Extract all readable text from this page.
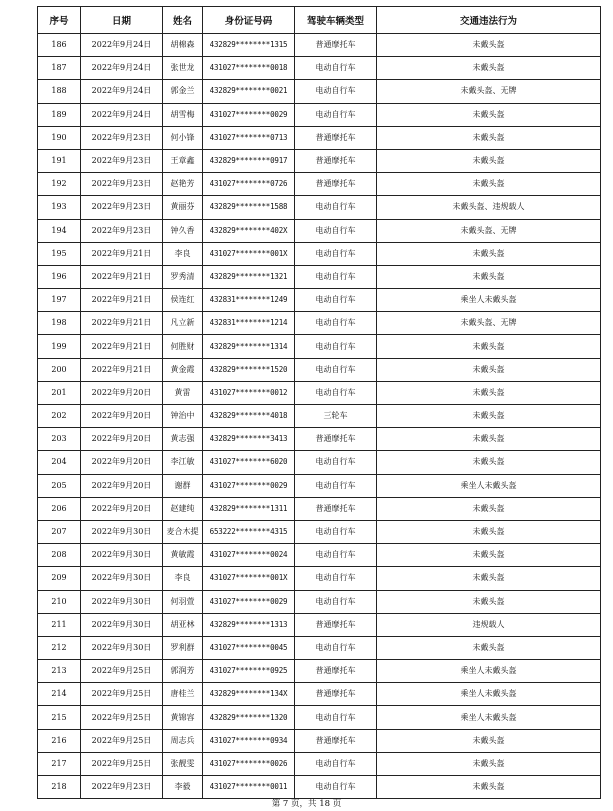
序号	日期	姓名	身份证号码	驾驶车辆类型	交通违法行为
186	2022年9月24日	胡棉森	432829********1315	普通摩托车	未戴头盔
187	2022年9月24日	张世龙	431027********0018	电动自行车	未戴头盔
188	2022年9月24日	郭金兰	432829********0021	电动自行车	未戴头盔、无牌
189	2022年9月24日	胡雪梅	431027********0029	电动自行车	未戴头盔
190	2022年9月23日	何小锋	431027********0713	普通摩托车	未戴头盔
191	2022年9月23日	王章鑫	432829********0917	普通摩托车	未戴头盔
192	2022年9月23日	赵艳芳	431027********0726	普通摩托车	未戴头盔
193	2022年9月23日	黄丽芬	432829********1588	电动自行车	未戴头盔、违规载人
194	2022年9月23日	钟久香	432829********402X	电动自行车	未戴头盔、无牌
195	2022年9月21日	李良	431027********001X	电动自行车	未戴头盔
196	2022年9月21日	罗秀清	432829********1321	电动自行车	未戴头盔
197	2022年9月21日	侯连红	432831********1249	电动自行车	乘坐人未戴头盔
198	2022年9月21日	凡立新	432831********1214	电动自行车	未戴头盔、无牌
199	2022年9月21日	何胜财	432829********1314	电动自行车	未戴头盔
200	2022年9月21日	黄金霞	432829********1520	电动自行车	未戴头盔
201	2022年9月20日	黄雷	431027********0012	电动自行车	未戴头盔
202	2022年9月20日	钟治中	432829********4018	三轮车	未戴头盔
203	2022年9月20日	黄志强	432829********3413	普通摩托车	未戴头盔
204	2022年9月20日	李江敏	431027********6020	电动自行车	未戴头盔
205	2022年9月20日	谢群	431027********0029	电动自行车	乘坐人未戴头盔
206	2022年9月20日	赵建纯	432829********1311	普通摩托车	未戴头盔
207	2022年9月30日	麦合木提	653222********4315	电动自行车	未戴头盔
208	2022年9月30日	黄敏霞	431027********0024	电动自行车	未戴头盔
209	2022年9月30日	李良	431027********001X	电动自行车	未戴头盔
210	2022年9月30日	何羽萱	431027********0029	电动自行车	未戴头盔
211	2022年9月30日	胡亚林	432829********1313	普通摩托车	违规载人
212	2022年9月30日	罗利群	431027********0045	电动自行车	未戴头盔
213	2022年9月25日	郭润芳	431027********0925	普通摩托车	乘坐人未戴头盔
214	2022年9月25日	唐桂兰	432829********134X	普通摩托车	乘坐人未戴头盔
215	2022年9月25日	黄锦容	432829********1320	电动自行车	乘坐人未戴头盔
216	2022年9月25日	周志兵	431027********0934	普通摩托车	未戴头盔
217	2022年9月25日	张靓雯	431027********0026	电动自行车	未戴头盔
218	2022年9月23日	李毅	431027********0011	电动自行车	未戴头盔
第 7 页，共 18 页
